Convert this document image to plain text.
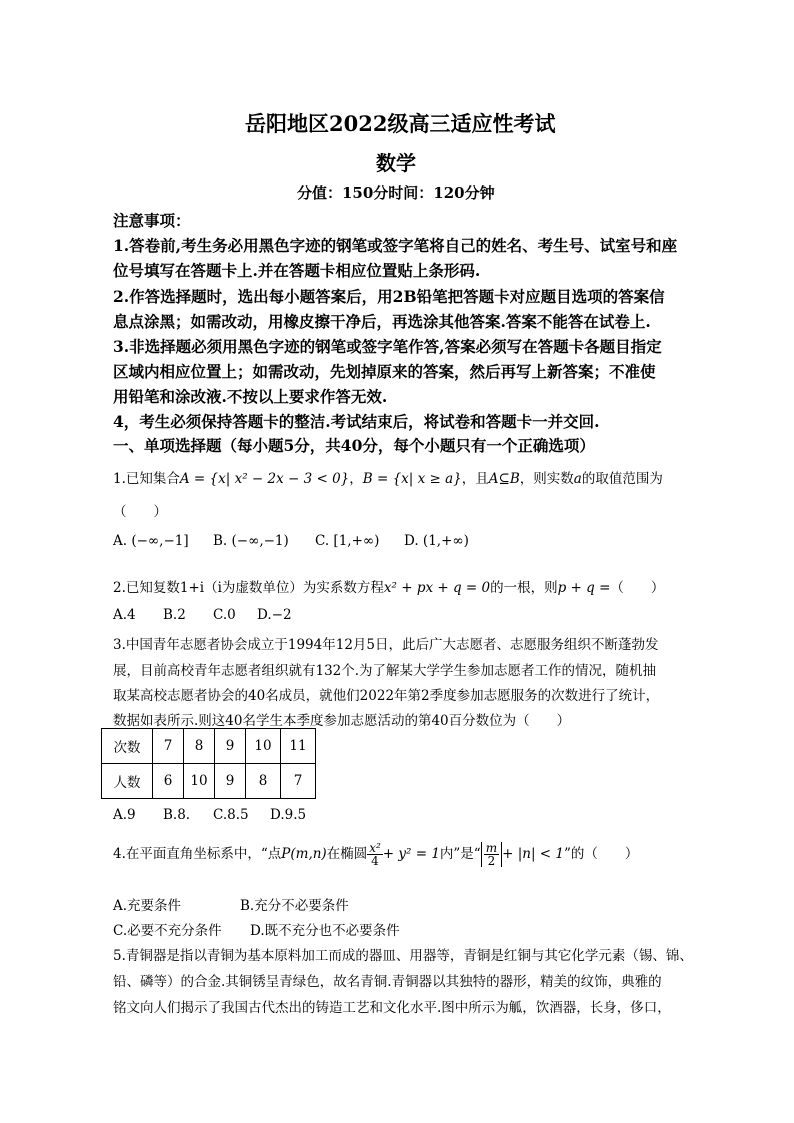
岳阳地区2022级高三适应性考试
数学
分值：150分时间：120分钟
注意事项：
1.答卷前,考生务必用黑色字迹的钢笔或签字笔将自己的姓名、考生号、试室号和座
位号填写在答题卡上.并在答题卡相应位置贴上条形码.
2.作答选择题时，选出每小题答案后，用2B铅笔把答题卡对应题目选项的答案信
息点涂黑；如需改动，用橡皮擦干净后，再选涂其他答案.答案不能答在试卷上.
3.非选择题必须用黑色字迹的钢笔或签字笔作答,答案必须写在答题卡各题目指定
区域内相应位置上；如需改动，先划掉原来的答案，然后再写上新答案；不准使
用铅笔和涂改液.不按以上要求作答无效.
4，考生必须保持答题卡的整洁.考试结束后，将试卷和答题卡一并交回.
一、单项选择题（每小题5分，共40分，每个小题只有一个正确选项）
1.已知集合A = {x| x² − 2x − 3 < 0}，B = {x| x ≥ a}，且A⊆B，则实数a的取值范围为
（　　）
A. (−∞,−1] B. (−∞,−1) C. [1,+∞) D. (1,+∞)
2.已知复数1+i（i为虚数单位）为实系数方程x² + px + q = 0的一根，则p + q =（　　）
A.4 B.2 C.0 D.−2
3.中国青年志愿者协会成立于1994年12月5日，此后广大志愿者、志愿服务组织不断蓬勃发
展，目前高校青年志愿者组织就有132个.为了解某大学学生参加志愿者工作的情况，随机抽
取某高校志愿者协会的40名成员，就他们2022年第2季度参加志愿服务的次数进行了统计，
数据如表所示.则这40名学生本季度参加志愿活动的第40百分数位为（　　）
次数	7	8	9	10	11
人数	6	10	9	8	7
A.9 B.8. C.8.5 D.9.5
4.在平面直角坐标系中，“点P(m,n)在椭圆 $\frac{\text{x²}}{4} + y^2 = 1$内”是“ $\frac{m}{2} + |n| < 1$”的（　　）
A.充要条件	B.充分不必要条件
C.必要不充分条件 D.既不充分也不必要条件
5.青铜器是指以青铜为基本原料加工而成的器皿、用器等，青铜是红铜与其它化学元素（锡、锦、
铅、磷等）的合金.其铜锈呈青绿色，故名青铜.青铜器以其独特的器形，精美的纹饰，典雅的
铭文向人们揭示了我国古代杰出的铸造工艺和文化水平.图中所示为觚，饮酒器，长身，侈口，
